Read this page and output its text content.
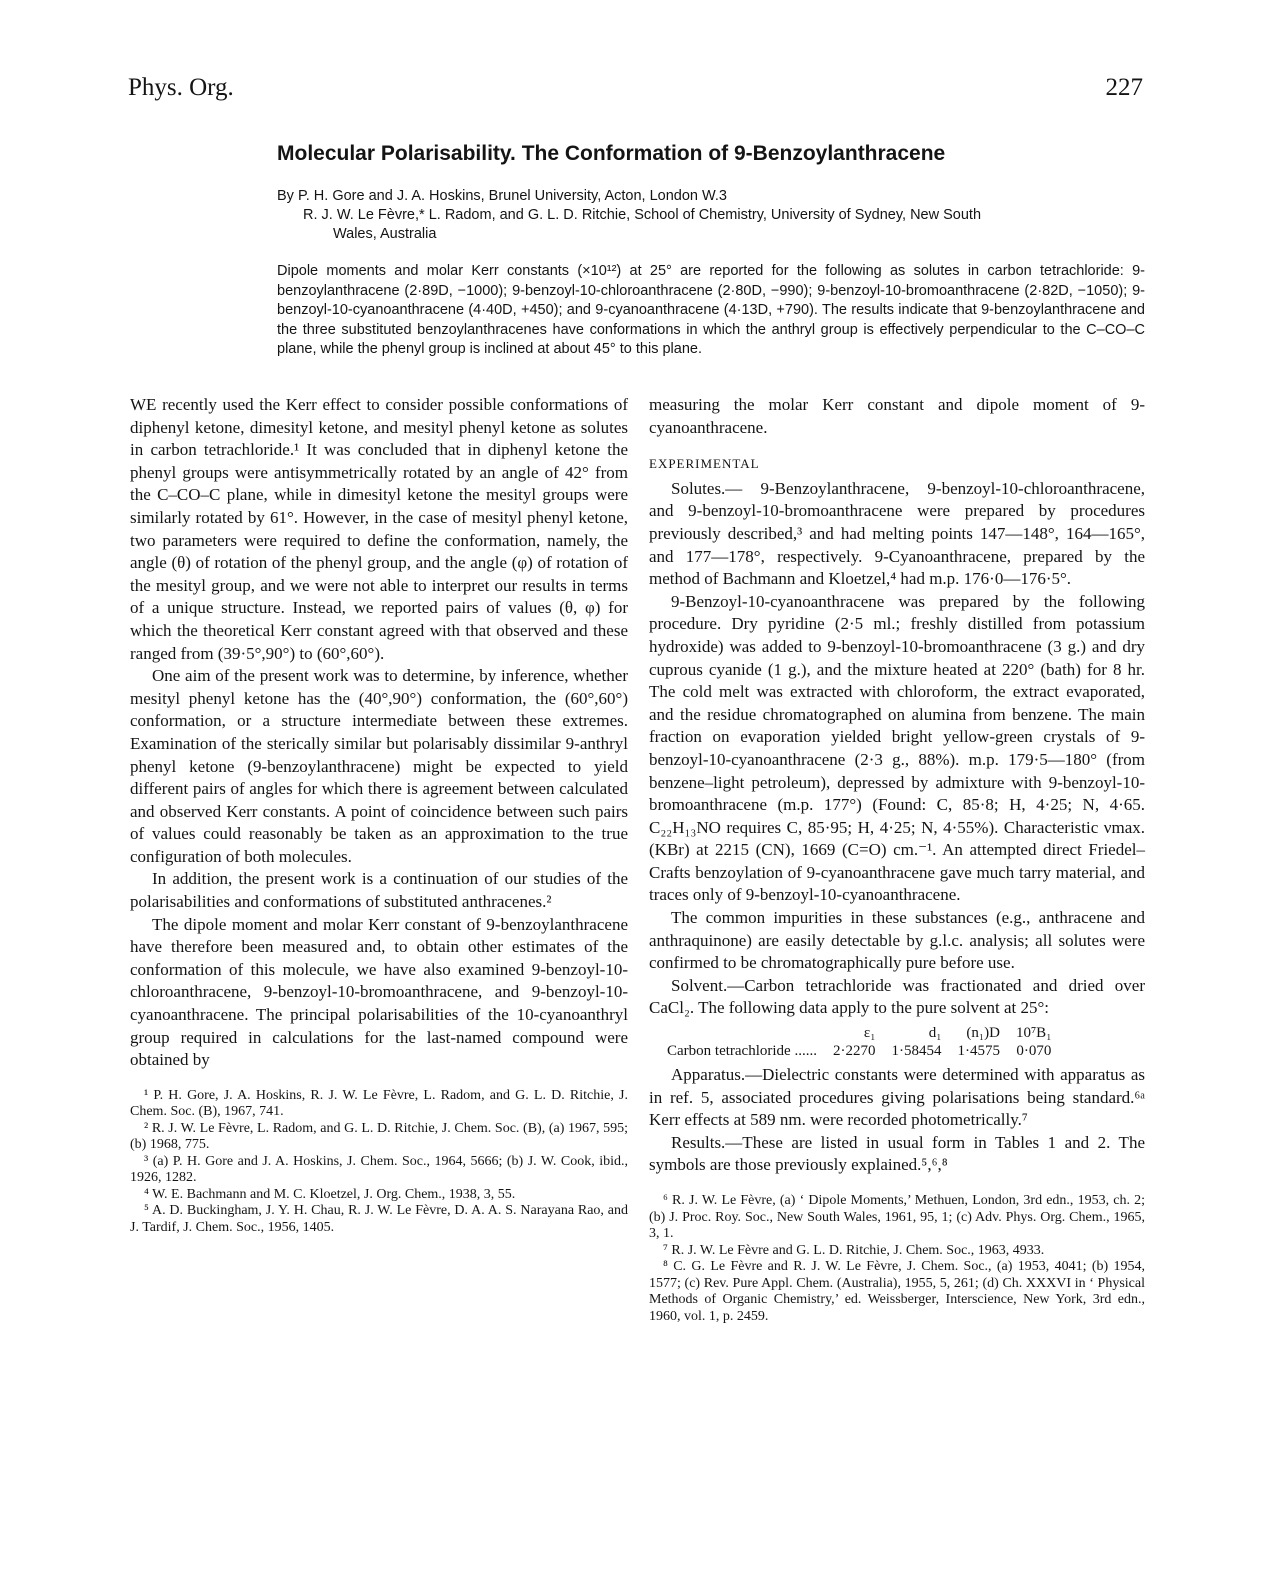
Phys. Org.	227
Molecular Polarisability. The Conformation of 9-Benzoylanthracene
By P. H. Gore and J. A. Hoskins, Brunel University, Acton, London W.3
R. J. W. Le Fèvre,* L. Radom, and G. L. D. Ritchie, School of Chemistry, University of Sydney, New South
Wales, Australia
Dipole moments and molar Kerr constants (×10¹²) at 25° are reported for the following as solutes in carbon tetrachloride: 9-benzoylanthracene (2·89D, −1000); 9-benzoyl-10-chloroanthracene (2·80D, −990); 9-benzoyl-10-bromoanthracene (2·82D, −1050); 9-benzoyl-10-cyanoanthracene (4·40D, +450); and 9-cyanoanthracene (4·13D, +790). The results indicate that 9-benzoylanthracene and the three substituted benzoylanthracenes have conformations in which the anthryl group is effectively perpendicular to the C–CO–C plane, while the phenyl group is inclined at about 45° to this plane.

WE recently used the Kerr effect to consider possible conformations of diphenyl ketone, dimesityl ketone, and mesityl phenyl ketone as solutes in carbon tetrachloride.¹ It was concluded that in diphenyl ketone the phenyl groups were antisymmetrically rotated by an angle of 42° from the C–CO–C plane, while in dimesityl ketone the mesityl groups were similarly rotated by 61°. However, in the case of mesityl phenyl ketone, two parameters were required to define the conformation, namely, the angle (θ) of rotation of the phenyl group, and the angle (φ) of rotation of the mesityl group, and we were not able to interpret our results in terms of a unique structure. Instead, we reported pairs of values (θ, φ) for which the theoretical Kerr constant agreed with that observed and these ranged from (39·5°,90°) to (60°,60°).

One aim of the present work was to determine, by inference, whether mesityl phenyl ketone has the (40°,90°) conformation, the (60°,60°) conformation, or a structure intermediate between these extremes. Examination of the sterically similar but polarisably dissimilar 9-anthryl phenyl ketone (9-benzoylanthracene) might be expected to yield different pairs of angles for which there is agreement between calculated and observed Kerr constants. A point of coincidence between such pairs of values could reasonably be taken as an approximation to the true configuration of both molecules.

In addition, the present work is a continuation of our studies of the polarisabilities and conformations of substituted anthracenes.²

The dipole moment and molar Kerr constant of 9-benzoylanthracene have therefore been measured and, to obtain other estimates of the conformation of this molecule, we have also examined 9-benzoyl-10-chloroanthracene, 9-benzoyl-10-bromoanthracene, and 9-benzoyl-10-cyanoanthracene. The principal polarisabilities of the 10-cyanoanthryl group required in calculations for the last-named compound were obtained by

¹ P. H. Gore, J. A. Hoskins, R. J. W. Le Fèvre, L. Radom, and G. L. D. Ritchie, J. Chem. Soc. (B), 1967, 741.

² R. J. W. Le Fèvre, L. Radom, and G. L. D. Ritchie, J. Chem. Soc. (B), (a) 1967, 595; (b) 1968, 775.

³ (a) P. H. Gore and J. A. Hoskins, J. Chem. Soc., 1964, 5666; (b) J. W. Cook, ibid., 1926, 1282.

⁴ W. E. Bachmann and M. C. Kloetzel, J. Org. Chem., 1938, 3, 55.

⁵ A. D. Buckingham, J. Y. H. Chau, R. J. W. Le Fèvre, D. A. A. S. Narayana Rao, and J. Tardif, J. Chem. Soc., 1956, 1405.

measuring the molar Kerr constant and dipole moment of 9-cyanoanthracene.

EXPERIMENTAL

Solutes.— 9-Benzoylanthracene, 9-benzoyl-10-chloroanthracene, and 9-benzoyl-10-bromoanthracene were prepared by procedures previously described,³ and had melting points 147—148°, 164—165°, and 177—178°, respectively. 9-Cyanoanthracene, prepared by the method of Bachmann and Kloetzel,⁴ had m.p. 176·0—176·5°.

9-Benzoyl-10-cyanoanthracene was prepared by the following procedure. Dry pyridine (2·5 ml.; freshly distilled from potassium hydroxide) was added to 9-benzoyl-10-bromoanthracene (3 g.) and dry cuprous cyanide (1 g.), and the mixture heated at 220° (bath) for 8 hr. The cold melt was extracted with chloroform, the extract evaporated, and the residue chromatographed on alumina from benzene. The main fraction on evaporation yielded bright yellow-green crystals of 9-benzoyl-10-cyanoanthracene (2·3 g., 88%). m.p. 179·5—180° (from benzene–light petroleum), depressed by admixture with 9-benzoyl-10-bromoanthracene (m.p. 177°) (Found: C, 85·8; H, 4·25; N, 4·65. C₂₂H₁₃NO requires C, 85·95; H, 4·25; N, 4·55%). Characteristic νmax. (KBr) at 2215 (CN), 1669 (C=O) cm.⁻¹. An attempted direct Friedel–Crafts benzoylation of 9-cyanoanthracene gave much tarry material, and traces only of 9-benzoyl-10-cyanoanthracene.

The common impurities in these substances (e.g., anthracene and anthraquinone) are easily detectable by g.l.c. analysis; all solutes were confirmed to be chromatographically pure before use.

Solvent.—Carbon tetrachloride was fractionated and dried over CaCl₂. The following data apply to the pure solvent at 25°:

	ε₁	d₁	(n₁)D	10⁷B₁
Carbon tetrachloride ......	2·2270	1·58454	1·4575	0·070

Apparatus.—Dielectric constants were determined with apparatus as in ref. 5, associated procedures giving polarisations being standard.⁶ᵃ Kerr effects at 589 nm. were recorded photometrically.⁷

Results.—These are listed in usual form in Tables 1 and 2. The symbols are those previously explained.⁵,⁶,⁸

⁶ R. J. W. Le Fèvre, (a) ‘ Dipole Moments,’ Methuen, London, 3rd edn., 1953, ch. 2; (b) J. Proc. Roy. Soc., New South Wales, 1961, 95, 1; (c) Adv. Phys. Org. Chem., 1965, 3, 1.

⁷ R. J. W. Le Fèvre and G. L. D. Ritchie, J. Chem. Soc., 1963, 4933.

⁸ C. G. Le Fèvre and R. J. W. Le Fèvre, J. Chem. Soc., (a) 1953, 4041; (b) 1954, 1577; (c) Rev. Pure Appl. Chem. (Australia), 1955, 5, 261; (d) Ch. XXXVI in ‘ Physical Methods of Organic Chemistry,’ ed. Weissberger, Interscience, New York, 3rd edn., 1960, vol. 1, p. 2459.
